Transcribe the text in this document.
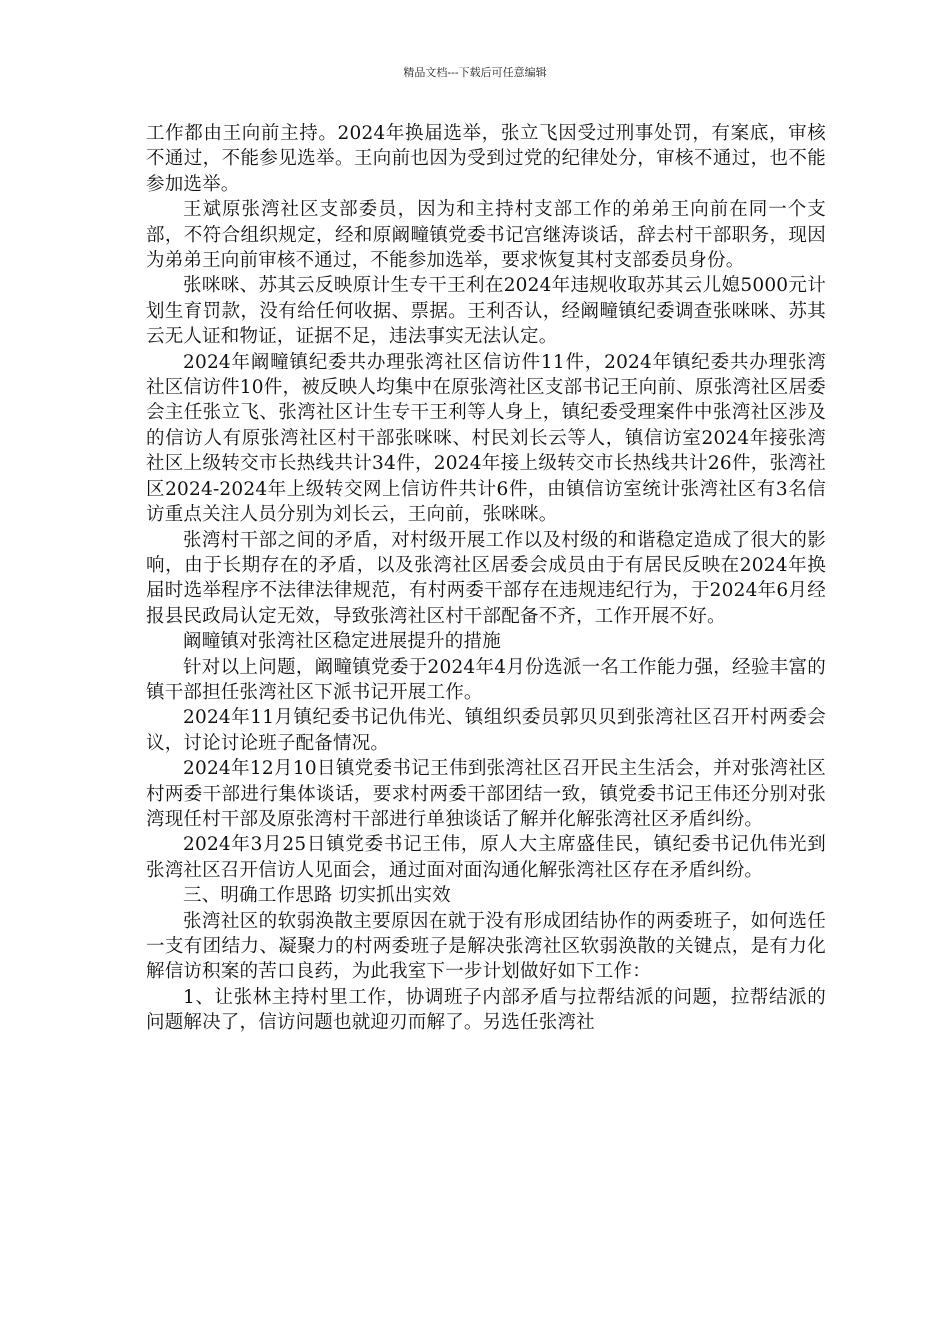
精品文档---下载后可任意编辑

工作都由王向前主持。2024年换届选举，张立飞因受过刑事处罚，有案底，审核不通过，不能参见选举。王向前也因为受到过党的纪律处分，审核不通过，也不能参加选举。

王斌原张湾社区支部委员，因为和主持村支部工作的弟弟王向前在同一个支部，不符合组织规定，经和原阚疃镇党委书记宫继涛谈话，辞去村干部职务，现因为弟弟王向前审核不通过，不能参加选举，要求恢复其村支部委员身份。

张咪咪、苏其云反映原计生专干王利在2024年违规收取苏其云儿媳5000元计划生育罚款，没有给任何收据、票据。王利否认，经阚疃镇纪委调查张咪咪、苏其云无人证和物证，证据不足，违法事实无法认定。

2024年阚疃镇纪委共办理张湾社区信访件11件，2024年镇纪委共办理张湾社区信访件10件，被反映人均集中在原张湾社区支部书记王向前、原张湾社区居委会主任张立飞、张湾社区计生专干王利等人身上，镇纪委受理案件中张湾社区涉及的信访人有原张湾社区村干部张咪咪、村民刘长云等人，镇信访室2024年接张湾社区上级转交市长热线共计34件，2024年接上级转交市长热线共计26件，张湾社区2024-2024年上级转交网上信访件共计6件，由镇信访室统计张湾社区有3名信访重点关注人员分别为刘长云，王向前，张咪咪。

张湾村干部之间的矛盾，对村级开展工作以及村级的和谐稳定造成了很大的影响，由于长期存在的矛盾，以及张湾社区居委会成员由于有居民反映在2024年换届时选举程序不法律法律规范，有村两委干部存在违规违纪行为，于2024年6月经报县民政局认定无效，导致张湾社区村干部配备不齐，工作开展不好。

阚疃镇对张湾社区稳定进展提升的措施

针对以上问题，阚疃镇党委于2024年4月份选派一名工作能力强，经验丰富的镇干部担任张湾社区下派书记开展工作。

2024年11月镇纪委书记仇伟光、镇组织委员郭贝贝到张湾社区召开村两委会议，讨论讨论班子配备情况。

2024年12月10日镇党委书记王伟到张湾社区召开民主生活会，并对张湾社区村两委干部进行集体谈话，要求村两委干部团结一致，镇党委书记王伟还分别对张湾现任村干部及原张湾村干部进行单独谈话了解并化解张湾社区矛盾纠纷。

2024年3月25日镇党委书记王伟，原人大主席盛佳民，镇纪委书记仇伟光到张湾社区召开信访人见面会，通过面对面沟通化解张湾社区存在矛盾纠纷。

三、明确工作思路 切实抓出实效

张湾社区的软弱涣散主要原因在就于没有形成团结协作的两委班子，如何选任一支有团结力、凝聚力的村两委班子是解决张湾社区软弱涣散的关键点，是有力化解信访积案的苦口良药，为此我室下一步计划做好如下工作：

1、让张林主持村里工作，协调班子内部矛盾与拉帮结派的问题，拉帮结派的问题解决了，信访问题也就迎刃而解了。另选任张湾社
